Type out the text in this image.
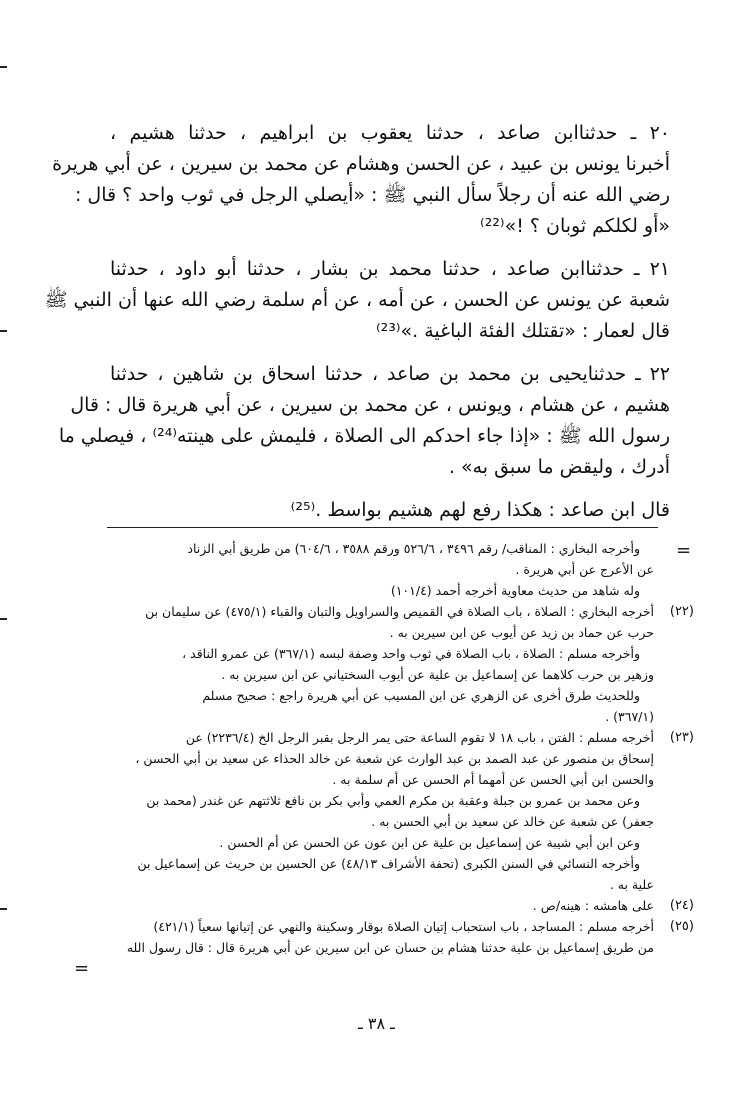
٢٠ ـ حدثناابن صاعد ، حدثنا يعقوب بن ابراهيم ، حدثنا هشيم ،
أخبرنا يونس بن عبيد ، عن الحسن وهشام عن محمد بن سيرين ، عن أبي هريرة
رضي الله عنه أن رجلاً سأل النبي ﷺ : «أيصلي الرجل في ثوب واحد ؟ قال :
«أو لكلكم ثوبان ؟ !»⁽²²⁾

٢١ ـ حدثناابن صاعد ، حدثنا محمد بن بشار ، حدثنا أبو داود ، حدثنا
شعبة عن يونس عن الحسن ، عن أمه ، عن أم سلمة رضي الله عنها أن النبي ﷺ
قال لعمار : «تقتلك الفئة الباغية .»⁽²³⁾

٢٢ ـ حدثنايحيى بن محمد بن صاعد ، حدثنا اسحاق بن شاهين ، حدثنا
هشيم ، عن هشام ، ويونس ، عن محمد بن سيرين ، عن أبي هريرة قال : قال
رسول الله ﷺ : «إذا جاء احدكم الى الصلاة ، فليمش على هينته⁽²⁴⁾ ، فيصلي ما
أدرك ، وليقض ما سبق به» .

قال ابن صاعد : هكذا رفع لهم هشيم بواسط .⁽²⁵⁾

=
وأخرجه البخاري : المناقب/ رقم ٣٤٩٦ ، ٥٢٦/٦ ورقم ٣٥٨٨ ، ٦٠٤/٦) من طريق أبي الزناد
عن الأعرج عن أبي هريرة .
وله شاهد من حديث معاوية أخرجه أحمد (١٠١/٤)
(٢٢)
أخرجه البخاري : الصلاة ، باب الصلاة في القميص والسراويل والتبان والقباء (٤٧٥/١) عن سليمان بن
حرب عن حماد بن زيد عن أيوب عن ابن سيرين به .
وأخرجه مسلم : الصلاة ، باب الصلاة في ثوب واحد وصفة لبسه (٣٦٧/١) عن عمرو الناقد ،
وزهير بن حرب كلاهما عن إسماعيل بن علية عن أيوب السختياني عن ابن سيرين به .
وللحديث طرق أخرى عن الزهري عن ابن المسيب عن أبي هريرة راجع : صحيح مسلم
(٣٦٧/١) .
(٢٣)
أخرجه مسلم : الفتن ، باب ١٨ لا تقوم الساعة حتى يمر الرجل بقبر الرجل الخ (٢٢٣٦/٤) عن
إسحاق بن منصور عن عبد الصمد بن عبد الوارث عن شعبة عن خالد الحذاء عن سعيد بن أبي الحسن ،
والحسن ابن أبي الحسن عن أمهما أم الحسن عن أم سلمة به .
وعن محمد بن عمرو بن جبلة وعقبة بن مكرم العمي وأبي بكر بن نافع ثلاثتهم عن غندر (محمد بن
جعفر) عن شعبة عن خالد عن سعيد بن أبي الحسن به .
وعن ابن أبي شيبة عن إسماعيل بن علية عن ابن عون عن الحسن عن أم الحسن .
وأخرجه النسائي في السنن الكبرى (تحفة الأشراف ٤٨/١٣) عن الحسين بن حريث عن إسماعيل بن
علية به .
(٢٤)
على هامشه : هينه/ص .
(٢٥)
أخرجه مسلم : المساجد ، باب استحباب إتيان الصلاة بوقار وسكينة والنهي عن إتيانها سعياً (٤٢١/١)
من طريق إسماعيل بن علية حدثنا هشام بن حسان عن ابن سيرين عن أبي هريرة قال : قال رسول الله
=
ـ ٣٨ ـ
